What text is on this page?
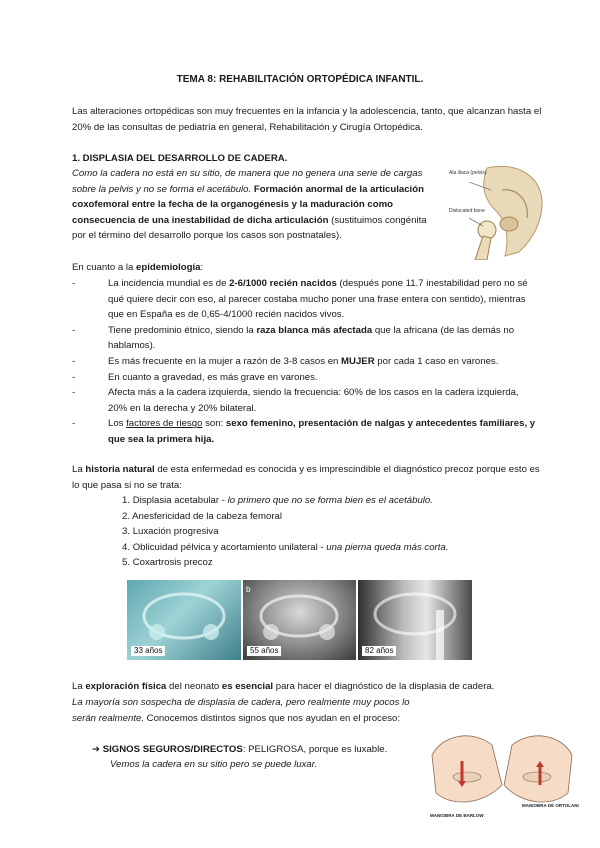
TEMA 8: REHABILITACIÓN ORTOPÉDICA INFANTIL.

Las alteraciones ortopédicas son muy frecuentes en la infancia y la adolescencia, tanto, que alcanzan hasta el 20% de las consultas de pediatría en general, Rehabilitación y Cirugía Ortopédica.

1. DISPLASIA DEL DESARROLLO DE CADERA.

Como la cadera no está en su sitio, de manera que no genera una serie de cargas sobre la pelvis y no se forma el acetábulo. Formación anormal de la articulación coxofemoral entre la fecha de la organogénesis y la maduración como consecuencia de una inestabilidad de dicha articulación (sustituimos congénita por el término del desarrollo porque los casos son postnatales).

Ala iliaca (pelvis)
Dislocated bone

En cuanto a la epidemiología:

- La incidencia mundial es de 2-6/1000 recién nacidos (después pone 11.7 inestabilidad pero no sé qué quiere decir con eso, al parecer costaba mucho poner una frase entera con sentido), mientras que en España es de 0,65-4/1000 recién nacidos vivos.
- Tiene predominio étnico, siendo la raza blanca más afectada que la africana (de las demás no hablamos).
- Es más frecuente en la mujer a razón de 3-8 casos en MUJER por cada 1 caso en varones.
- En cuanto a gravedad, es más grave en varones.
- Afecta más a la cadera izquierda, siendo la frecuencia: 60% de los casos en la cadera izquierda, 20% en la derecha y 20% bilateral.
- Los factores de riesgo son: sexo femenino, presentación de nalgas y antecedentes familiares, y que sea la primera hija.

La historia natural de esta enfermedad es conocida y es imprescindible el diagnóstico precoz porque esto es lo que pasa si no se trata:

1. Displasia acetabular - lo primero que no se forma bien es el acetábulo.
2. Anesfericidad de la cabeza femoral
3. Luxación progresiva
4. Oblicuidad pélvica y acortamiento unilateral - una pierna queda más corta.
5. Coxartrosis precoz
33 años
b
55 años	82 años

La exploración física del neonato es esencial para hacer el diagnóstico de la displasia de cadera.

La mayoría son sospecha de displasia de cadera, pero realmente muy pocos lo serán realmente. Conocemos distintos signos que nos ayudan en el proceso:

➔ SIGNOS SEGUROS/DIRECTOS: PELIGROSA, porque es luxable.

Vemos la cadera en su sitio pero se puede luxar.

MANIOBRA DE BARLOW
MANIOBRA DE ORTOLANI
